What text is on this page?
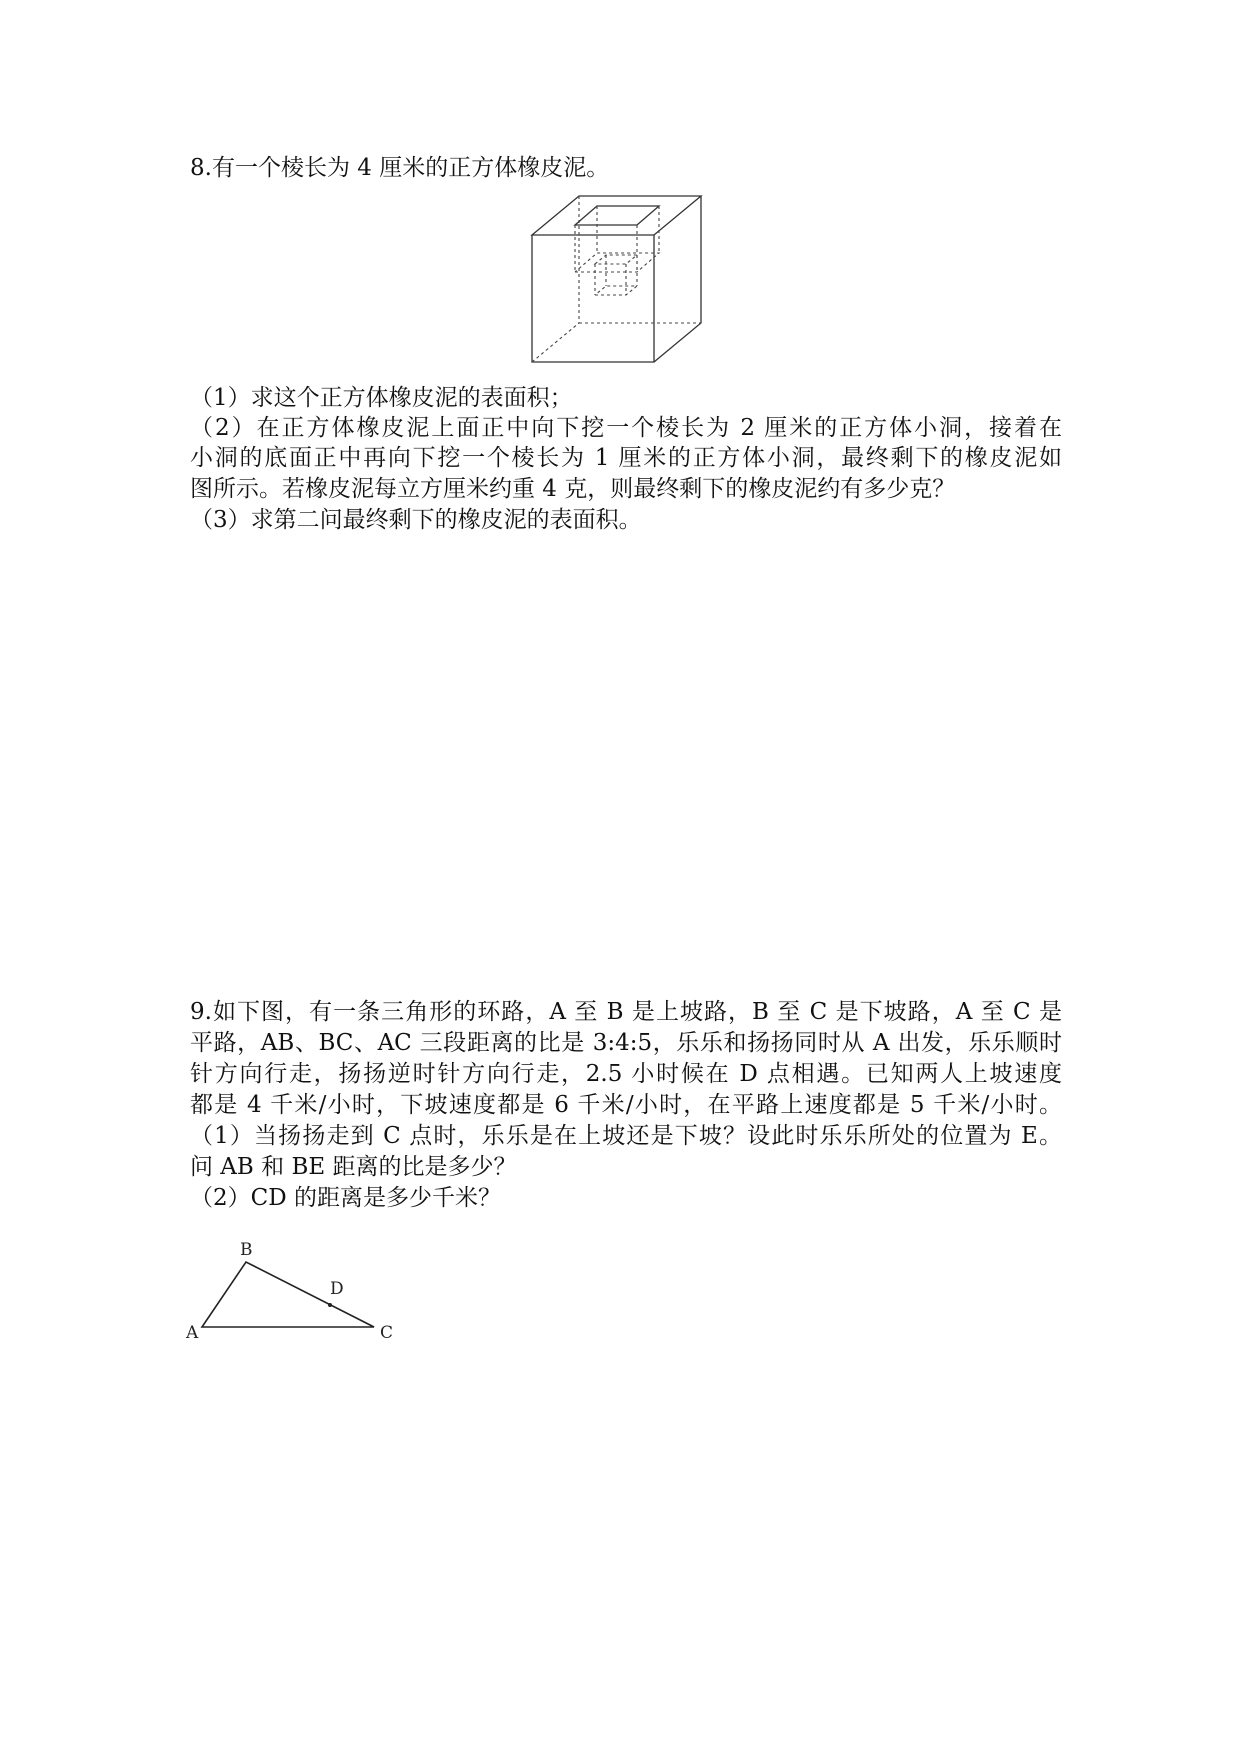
8.有一个棱长为 4 厘米的正方体橡皮泥。
（1）求这个正方体橡皮泥的表面积；
（2）在正方体橡皮泥上面正中向下挖一个棱长为 2 厘米的正方体小洞，接着在
小洞的底面正中再向下挖一个棱长为 1 厘米的正方体小洞，最终剩下的橡皮泥如
图所示。若橡皮泥每立方厘米约重 4 克，则最终剩下的橡皮泥约有多少克？
（3）求第二问最终剩下的橡皮泥的表面积。
9.如下图，有一条三角形的环路，A 至 B 是上坡路，B 至 C 是下坡路，A 至 C 是
平路，AB、BC、AC 三段距离的比是 3:4:5，乐乐和扬扬同时从 A 出发，乐乐顺时
针方向行走，扬扬逆时针方向行走，2.5 小时候在 D 点相遇。已知两人上坡速度
都是 4 千米/小时，下坡速度都是 6 千米/小时，在平路上速度都是 5 千米/小时。
（1）当扬扬走到 C 点时，乐乐是在上坡还是下坡？设此时乐乐所处的位置为 E。
问 AB 和 BE 距离的比是多少？
（2）CD 的距离是多少千米？
A
B
C
D
